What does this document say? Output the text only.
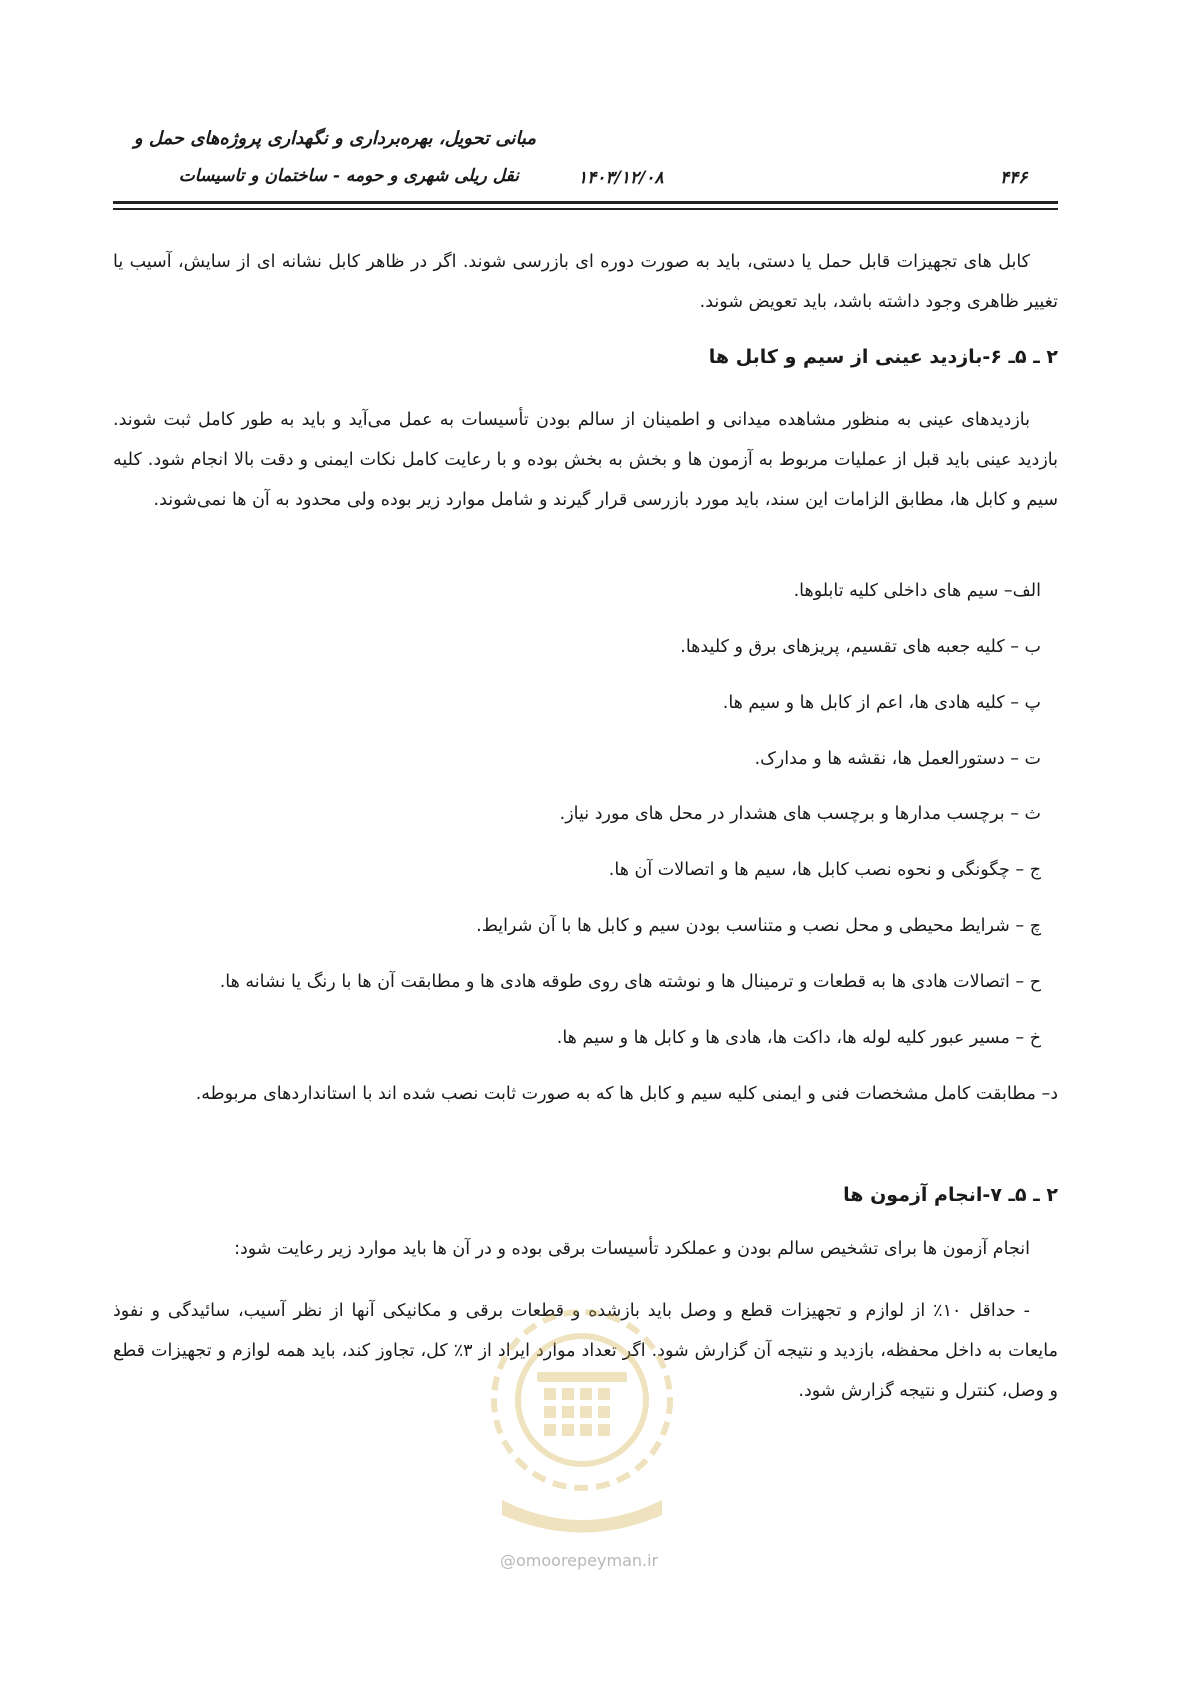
مبانی تحویل، بهره‌برداری و نگهداری پروژه‌های حمل و
نقل ریلی شهری و حومه - ساختمان و تاسیسات	۱۴۰۳/۱۲/۰۸	۴۴۶
کابل های تجهیزات قابل حمل یا دستی، باید به صورت دوره ای بازرسی شوند. اگر در ظاهر کابل نشانه ای از سایش، آسیب یا تغییر ظاهری وجود داشته باشد، باید تعویض شوند.
۲ ـ ۵ـ ۶-بازدید عینی از سیم و کابل ها
بازدیدهای عینی به منظور مشاهده میدانی و اطمینان از سالم بودن تأسیسات به عمل می‌آید و باید به طور کامل ثبت شوند. بازدید عینی باید قبل از عملیات مربوط به آزمون ها و بخش به بخش بوده و با رعایت کامل نکات ایمنی و دقت بالا انجام شود. کلیه سیم و کابل ها، مطابق الزامات این سند، باید مورد بازرسی قرار گیرند و شامل موارد زیر بوده ولی محدود به آن ها نمی‌شوند.
الف– سیم های داخلی کلیه تابلوها.
ب – کلیه جعبه های تقسیم، پریزهای برق و کلیدها.
پ – کلیه هادی ها، اعم از کابل ها و سیم ها.
ت – دستورالعمل ها، نقشه ها و مدارک.
ث – برچسب مدارها و برچسب های هشدار در محل های مورد نیاز.
ج – چگونگی و نحوه نصب کابل ها، سیم ها و اتصالات آن ها.
چ – شرایط محیطی و محل نصب و متناسب بودن سیم و کابل ها با آن شرایط.
ح – اتصالات هادی ها به قطعات و ترمینال ها و نوشته های روی طوقه هادی ها و مطابقت آن ها با رنگ یا نشانه ها.
خ – مسیر عبور کلیه لوله ها، داکت ها، هادی ها و کابل ها و سیم ها.
د– مطابقت کامل مشخصات فنی و ایمنی کلیه سیم و کابل ها که به صورت ثابت نصب شده اند با استانداردهای مربوطه.
۲ ـ ۵ـ ۷-انجام آزمون ها
انجام آزمون ها برای تشخیص سالم بودن و عملکرد تأسیسات برقی بوده و در آن ها باید موارد زیر رعایت شود:
- حداقل ۱۰٪ از لوازم و تجهیزات قطع و وصل باید بازشده و قطعات برقی و مکانیکی آنها از نظر آسیب، سائیدگی و نفوذ مایعات به داخل محفظه، بازدید و نتیجه آن گزارش شود. اگر تعداد موارد ایراد از ۳٪ کل، تجاوز کند، باید همه لوازم و تجهیزات قطع و وصل، کنترل و نتیجه گزارش شود.
@omoorepeyman.ir
